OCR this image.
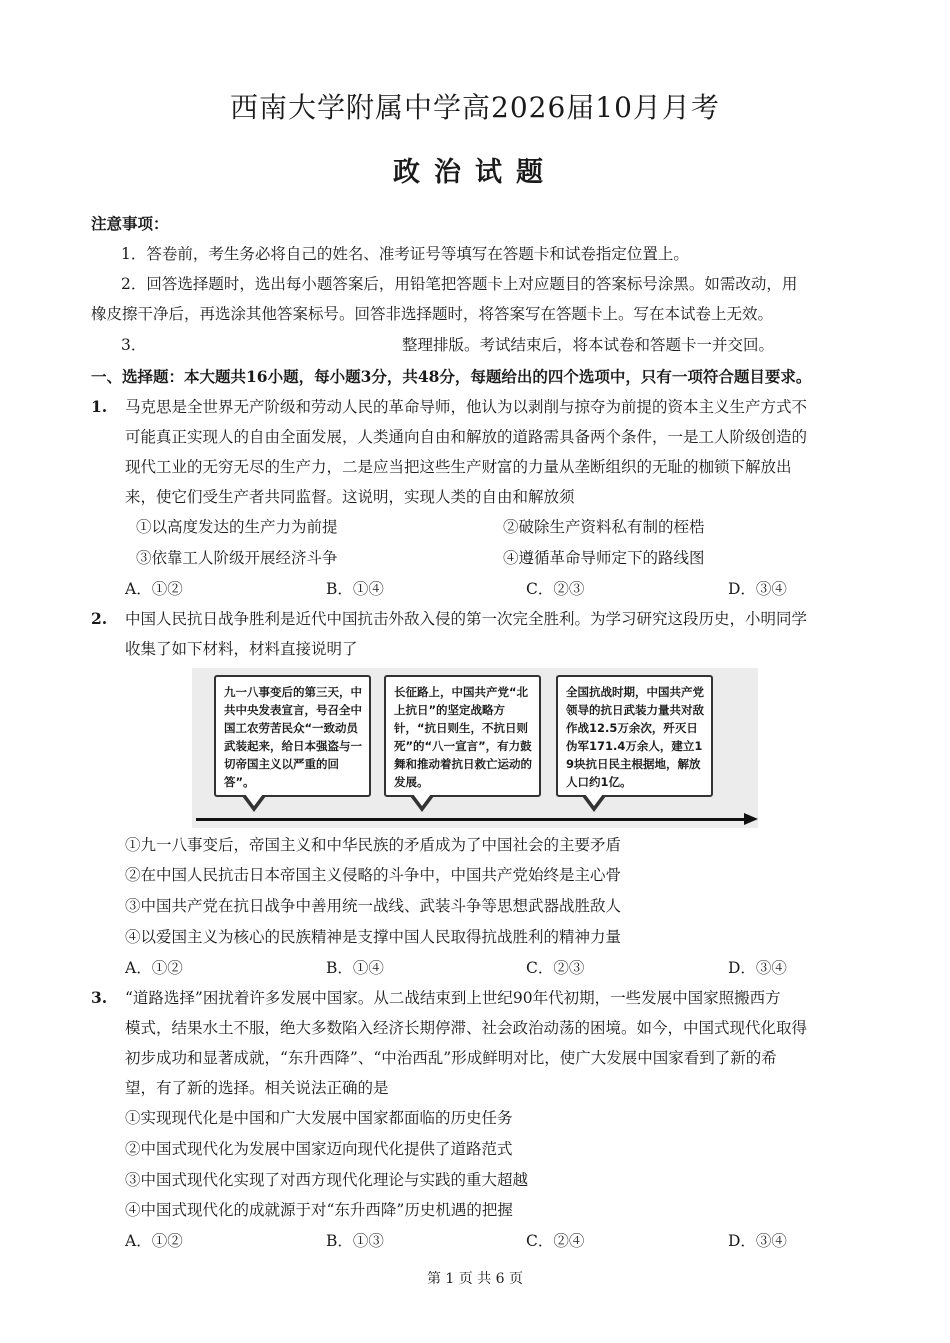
西南大学附属中学高2026届10月月考
政治试题
注意事项：
1．答卷前，考生务必将自己的姓名、准考证号等填写在答题卡和试卷指定位置上。
2．回答选择题时，选出每小题答案后，用铅笔把答题卡上对应题目的答案标号涂黑。如需改动，用
橡皮擦干净后，再选涂其他答案标号。回答非选择题时，将答案写在答题卡上。写在本试卷上无效。
3．	整理排版。考试结束后，将本试卷和答题卡一并交回。
一、选择题：本大题共16小题，每小题3分，共48分，每题给出的四个选项中，只有一项符合题目要求。
1. 马克思是全世界无产阶级和劳动人民的革命导师，他认为以剥削与掠夺为前提的资本主义生产方式不
可能真正实现人的自由全面发展，人类通向自由和解放的道路需具备两个条件，一是工人阶级创造的
现代工业的无穷无尽的生产力，二是应当把这些生产财富的力量从垄断组织的无耻的枷锁下解放出
来，使它们受生产者共同监督。这说明，实现人类的自由和解放须
①以高度发达的生产力为前提	②破除生产资料私有制的桎梏
③依靠工人阶级开展经济斗争	④遵循革命导师定下的路线图
A．①②	B．①④	C．②③	D．③④
2. 中国人民抗日战争胜利是近代中国抗击外敌入侵的第一次完全胜利。为学习研究这段历史，小明同学
收集了如下材料，材料直接说明了
九一八事变后的第三天，中共中央发表宣言，号召全中国工农劳苦民众“一致动员武装起来，给日本强盗与一切帝国主义以严重的回答”。
长征路上，中国共产党“北上抗日”的坚定战略方针，“抗日则生，不抗日则死”的“八一宣言”，有力鼓舞和推动着抗日救亡运动的发展。
全国抗战时期，中国共产党领导的抗日武装力量共对敌作战12.5万余次，歼灭日伪军171.4万余人，建立19块抗日民主根据地，解放人口约1亿。
①九一八事变后，帝国主义和中华民族的矛盾成为了中国社会的主要矛盾
②在中国人民抗击日本帝国主义侵略的斗争中，中国共产党始终是主心骨
③中国共产党在抗日战争中善用统一战线、武装斗争等思想武器战胜敌人
④以爱国主义为核心的民族精神是支撑中国人民取得抗战胜利的精神力量
A．①②	B．①④	C．②③	D．③④
3. “道路选择”困扰着许多发展中国家。从二战结束到上世纪90年代初期，一些发展中国家照搬西方
模式，结果水土不服，绝大多数陷入经济长期停滞、社会政治动荡的困境。如今，中国式现代化取得
初步成功和显著成就，“东升西降”、“中治西乱”形成鲜明对比，使广大发展中国家看到了新的希
望，有了新的选择。相关说法正确的是
①实现现代化是中国和广大发展中国家都面临的历史任务
②中国式现代化为发展中国家迈向现代化提供了道路范式
③中国式现代化实现了对西方现代化理论与实践的重大超越
④中国式现代化的成就源于对“东升西降”历史机遇的把握
A．①②	B．①③	C．②④	D．③④
第 1 页 共 6 页
